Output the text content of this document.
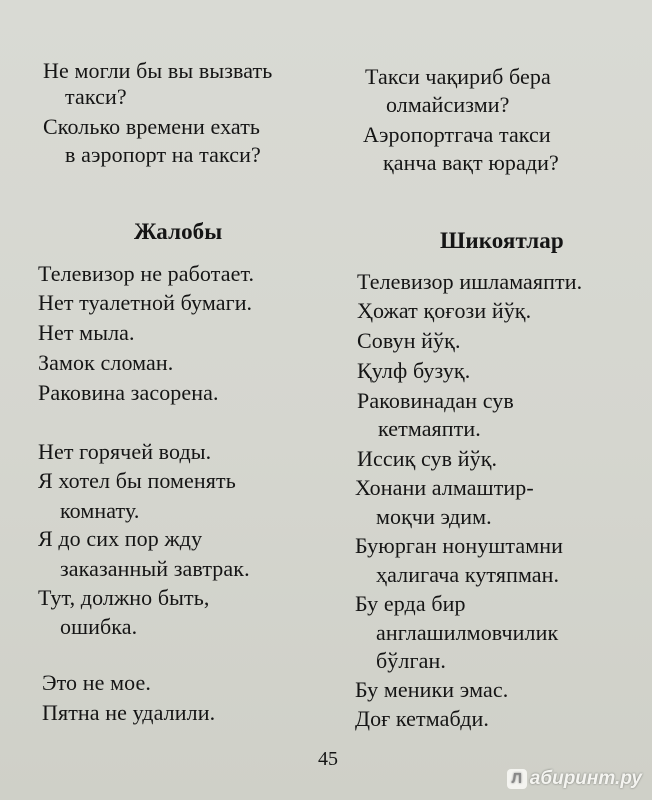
Не могли бы вы вызвать
такси?
Сколько времени ехать
в аэропорт на такси?
Жалобы
Телевизор не работает.
Нет туалетной бумаги.
Нет мыла.
Замок сломан.
Раковина засорена.
Нет горячей воды.
Я хотел бы поменять
комнату.
Я до сих пор жду
заказанный завтрак.
Тут, должно быть,
ошибка.
Это не мое.
Пятна не удалили.
Такси чақириб бера
олмайсизми?
Аэропортгача такси
қанча вақт юради?
Шикоятлар
Телевизор ишламаяпти.
Ҳожат қоғози йўқ.
Совун йўқ.
Қулф бузуқ.
Раковинадан сув
кетмаяпти.
Иссиқ сув йўқ.
Хонани алмаштир-
моқчи эдим.
Буюрган нонуштамни
ҳалигача кутяпман.
Бу ерда бир
англашилмовчилик
бўлган.
Бу меники эмас.
Доғ кетмабди.
45
Л абиринт.ру
